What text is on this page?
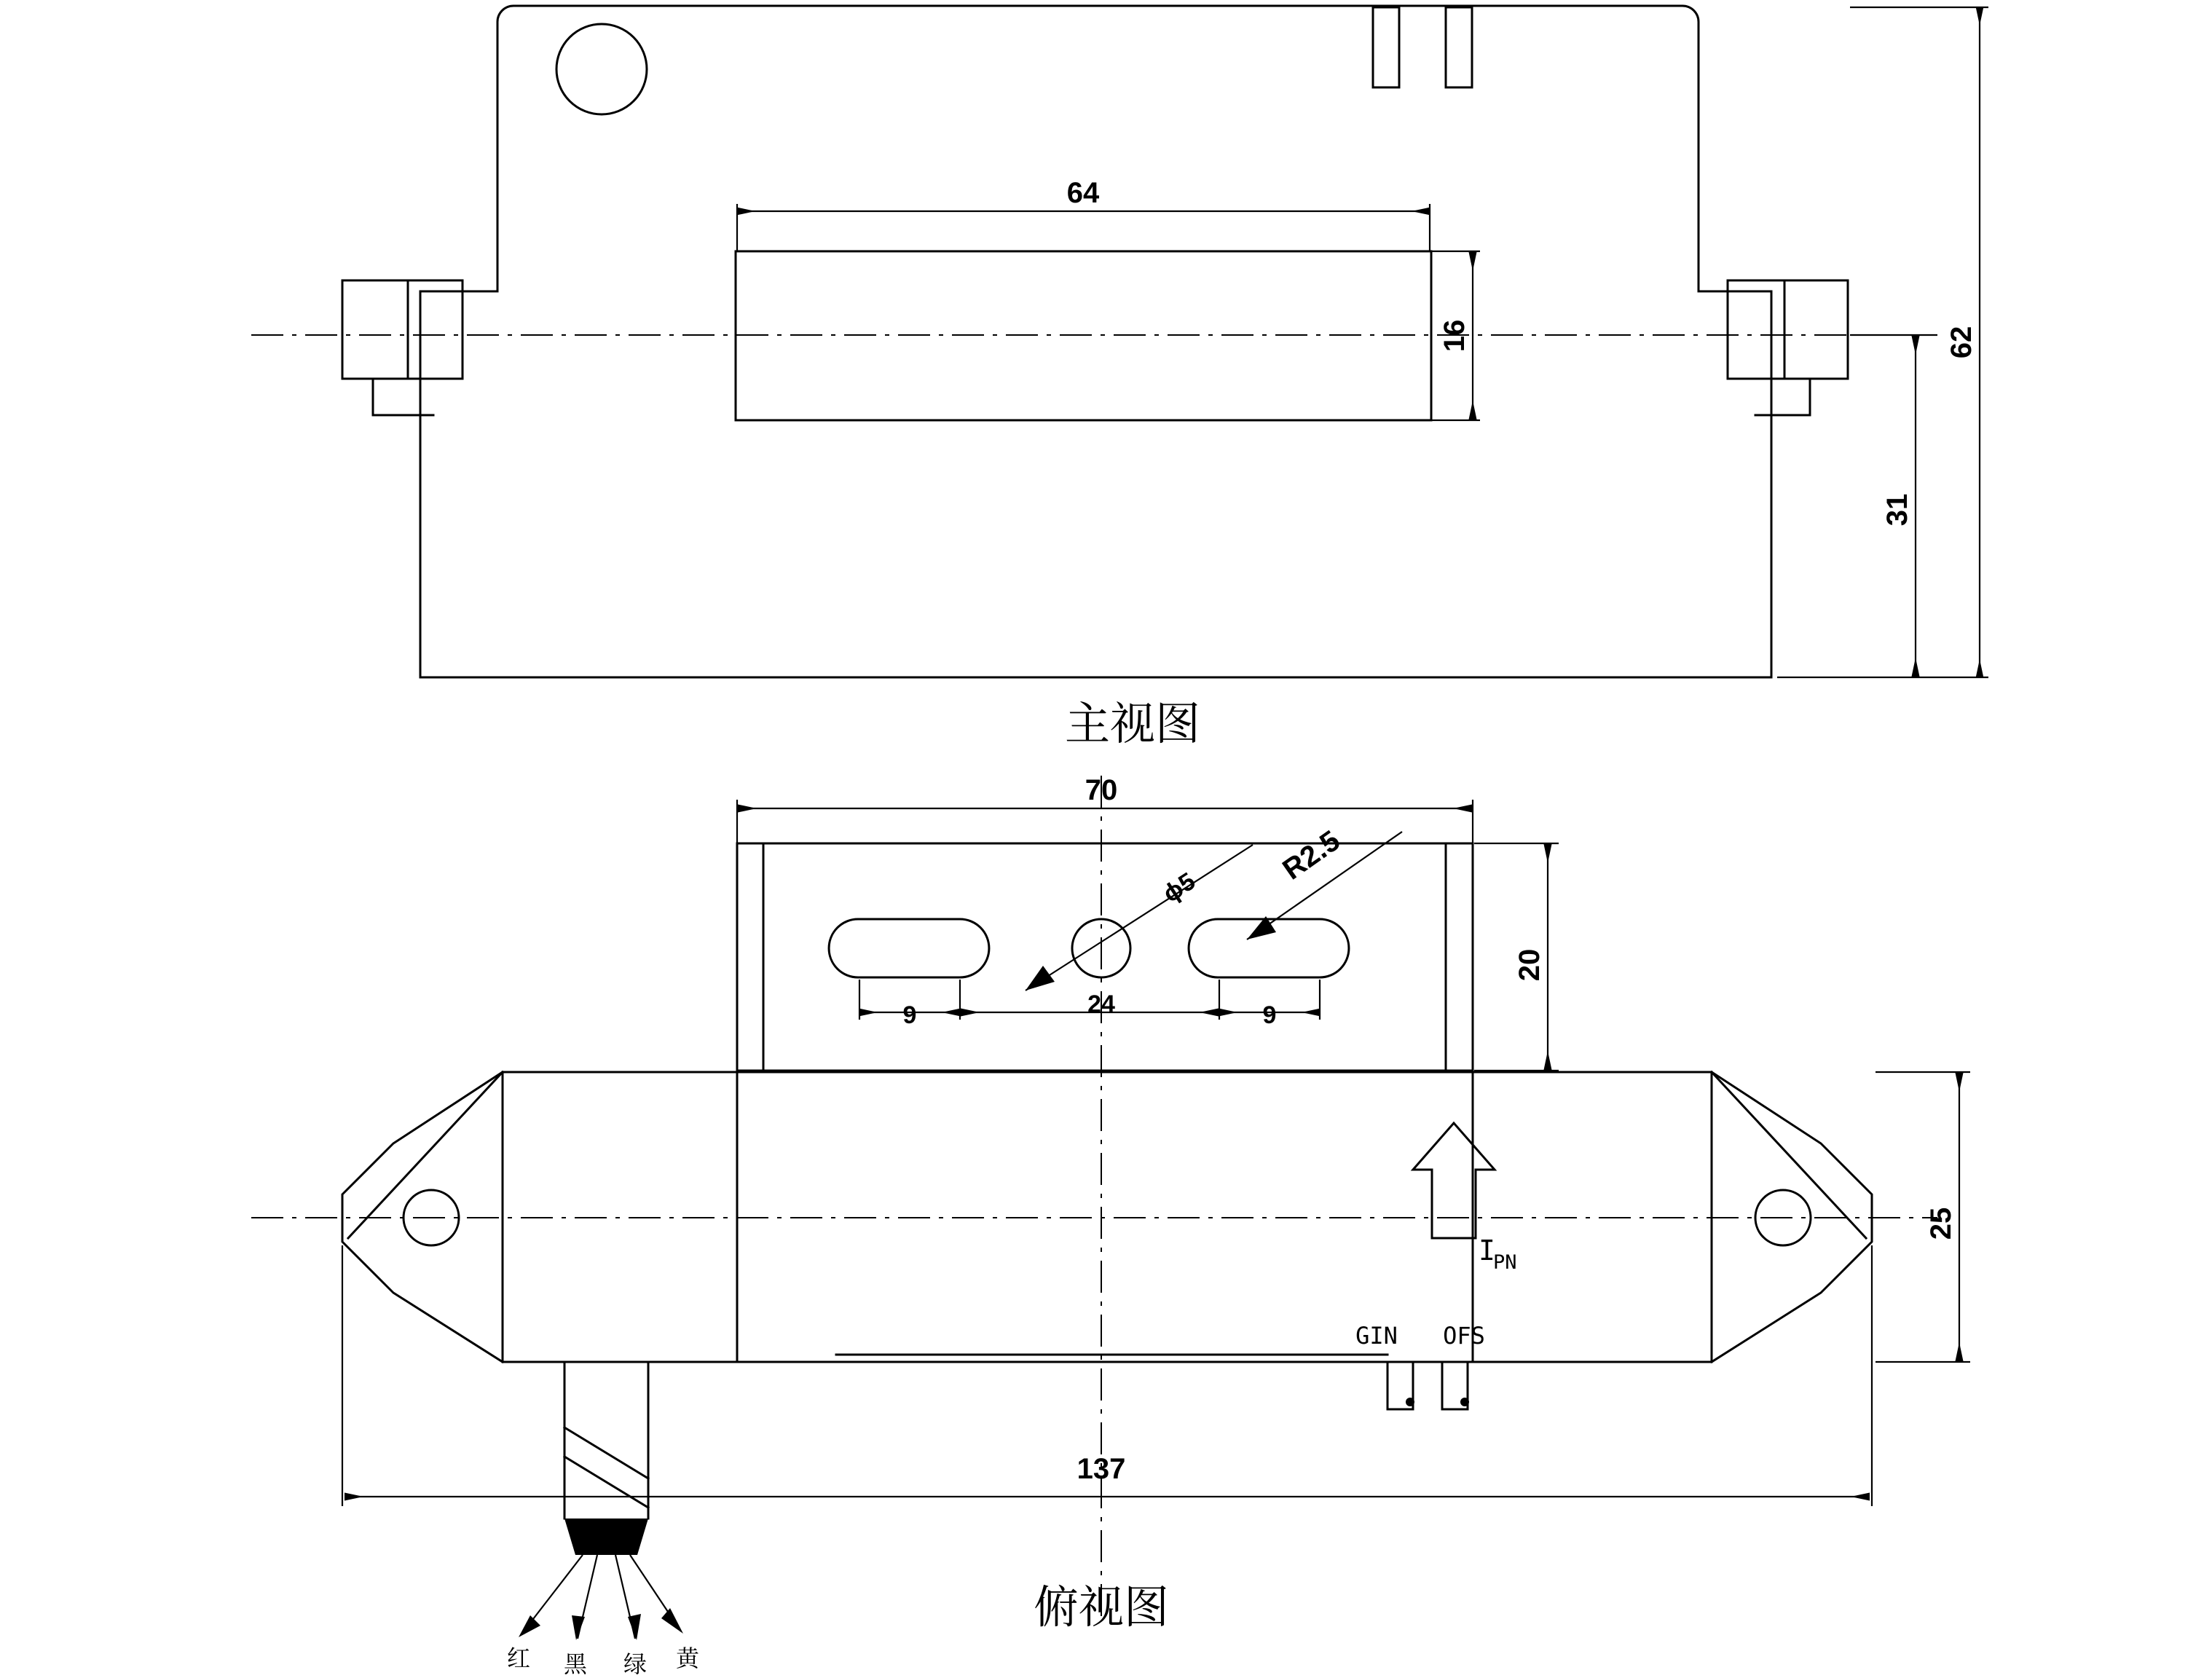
64
16	62
31
主视图
70
20
25
9	9
24
137
ϕ5
R2.5
I
PN
GIN OFS
俯视图
红 黑 绿 黄
